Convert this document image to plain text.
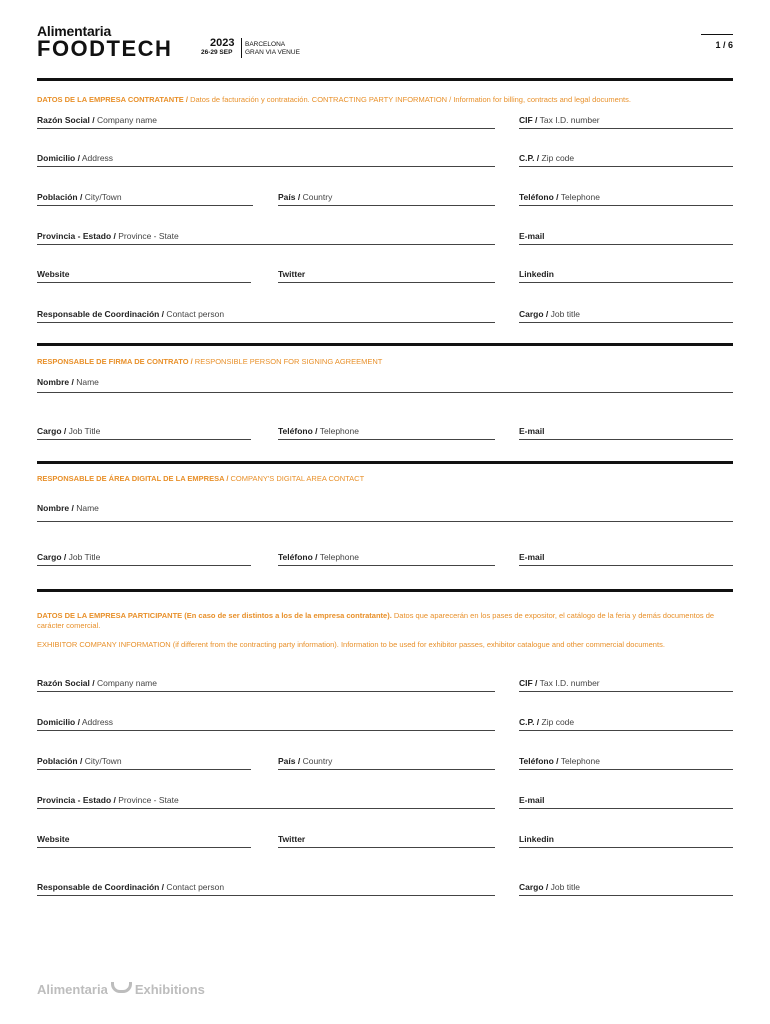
Alimentaria
FOODTECH	2023
26-29 SEP
BARCELONA
GRAN VIA VENUE
1 / 6
DATOS DE LA EMPRESA CONTRATANTE / Datos de facturación y contratación. CONTRACTING PARTY INFORMATION / Information for billing, contracts and legal documents.
Razón Social / Company name	CIF / Tax I.D. number
Domicilio / Address	C.P. / Zip code
Población / City/Town	País / Country	Teléfono / Telephone
Provincia - Estado / Province - State	E-mail
Website	Twitter	Linkedin
Responsable de Coordinación / Contact person	Cargo / Job title
RESPONSABLE DE FIRMA DE CONTRATO / RESPONSIBLE PERSON FOR SIGNING AGREEMENT
Nombre / Name
Cargo / Job Title	Teléfono / Telephone	E-mail
RESPONSABLE DE ÁREA DIGITAL DE LA EMPRESA / COMPANY'S DIGITAL AREA CONTACT
Nombre / Name
Cargo / Job Title	Teléfono / Telephone	E-mail
DATOS DE LA EMPRESA PARTICIPANTE (En caso de ser distintos a los de la empresa contratante). Datos que aparecerán en los pases de expositor, el catálogo de la feria y demás documentos de carácter comercial.
EXHIBITOR COMPANY INFORMATION (if different from the contracting party information). Information to be used for exhibitor passes, exhibitor catalogue and other commercial documents.
Razón Social / Company name	CIF / Tax I.D. number
Domicilio / Address	C.P. / Zip code
Población / City/Town	País / Country	Teléfono / Telephone
Provincia - Estado / Province - State	E-mail
Website	Twitter	Linkedin
Responsable de Coordinación / Contact person	Cargo / Job title
Alimentaria Exhibitions
